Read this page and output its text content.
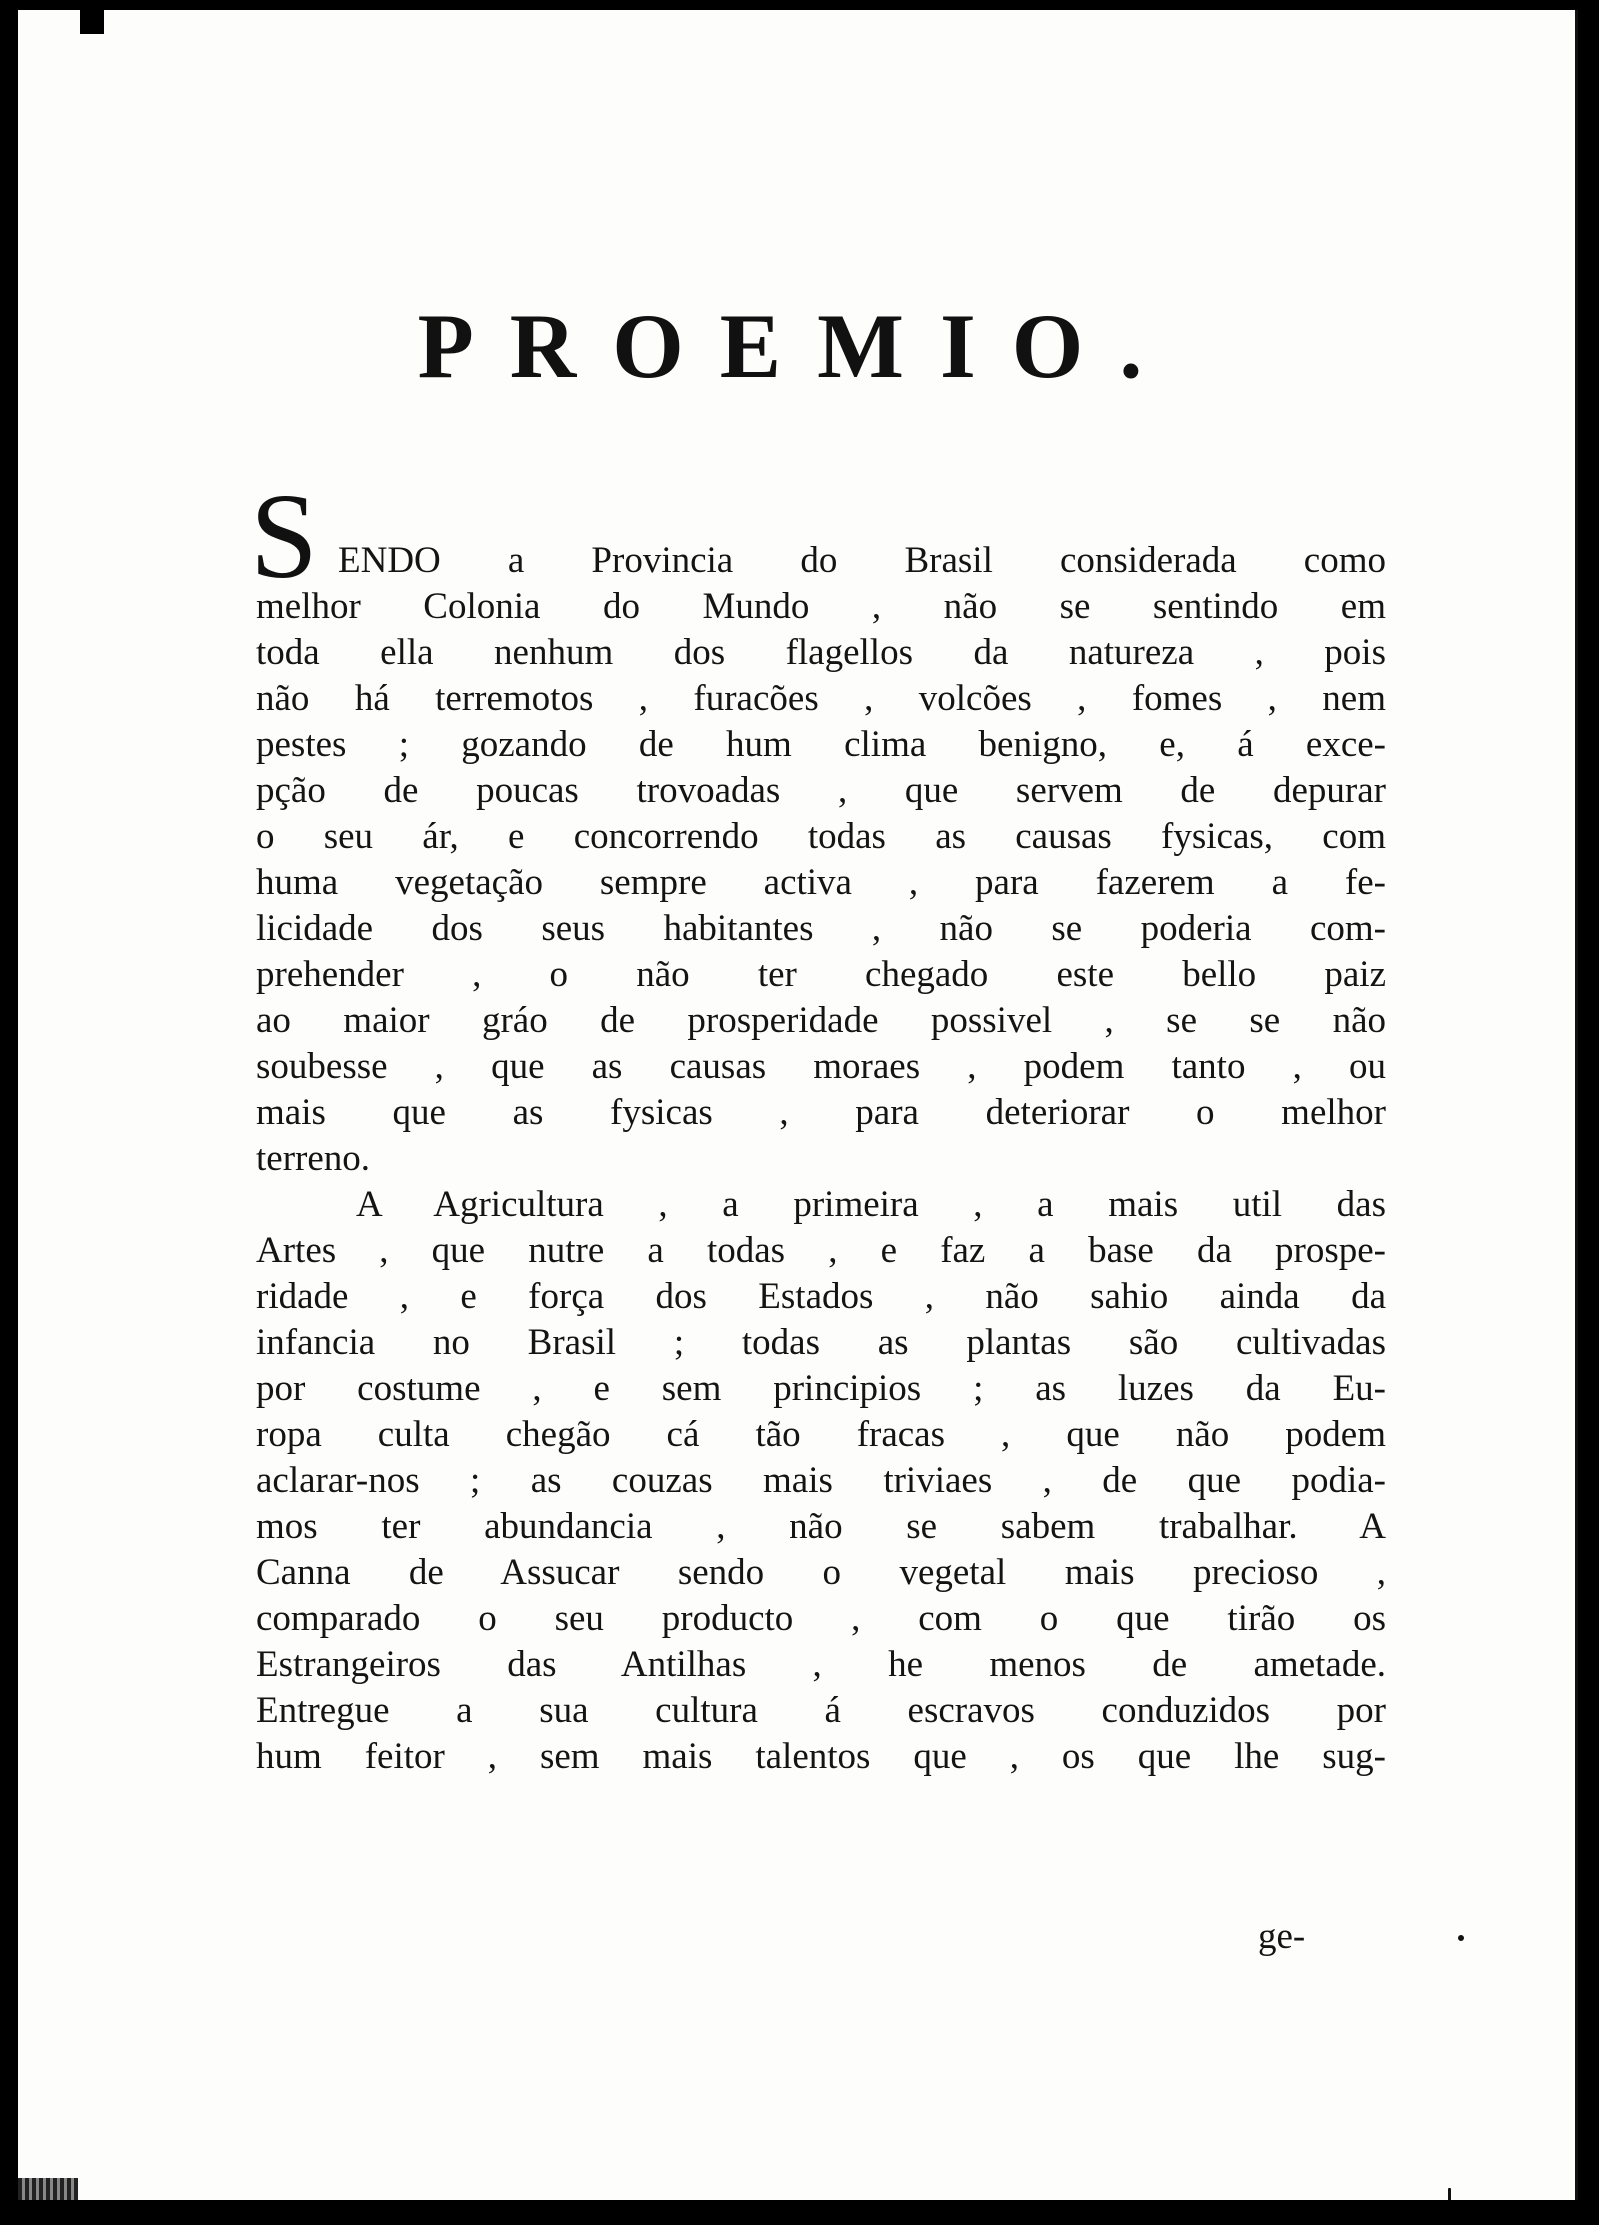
PROEMIO.

S ENDO a Provincia do Brasil considerada como
melhor Colonia do Mundo , não se sentindo em
toda ella nenhum dos flagellos da natureza , pois
não há terremotos , furacões , volcões , fomes , nem
pestes ; gozando de hum clima benigno, e, á exce-
pção de poucas trovoadas , que servem de depurar
o seu ár, e concorrendo todas as causas fysicas, com
huma vegetação sempre activa , para fazerem a fe-
licidade dos seus habitantes , não se poderia com-
prehender , o não ter chegado este bello paiz
ao maior gráo de prosperidade possivel , se se não
soubesse , que as causas moraes , podem tanto , ou
mais que as fysicas , para deteriorar o melhor
terreno.

A Agricultura , a primeira , a mais util das
Artes , que nutre a todas , e faz a base da prospe-
ridade , e força dos Estados , não sahio ainda da
infancia no Brasil ; todas as plantas são cultivadas
por costume , e sem principios ; as luzes da Eu-
ropa culta chegão cá tão fracas , que não podem
aclarar-nos ; as couzas mais triviaes , de que podia-
mos ter abundancia , não se sabem trabalhar. A
Canna de Assucar sendo o vegetal mais precioso ,
comparado o seu producto , com o que tirão os
Estrangeiros das Antilhas , he menos de ametade.
Entregue a sua cultura á escravos conduzidos por
hum feitor , sem mais talentos que , os que lhe sug-

ge-
